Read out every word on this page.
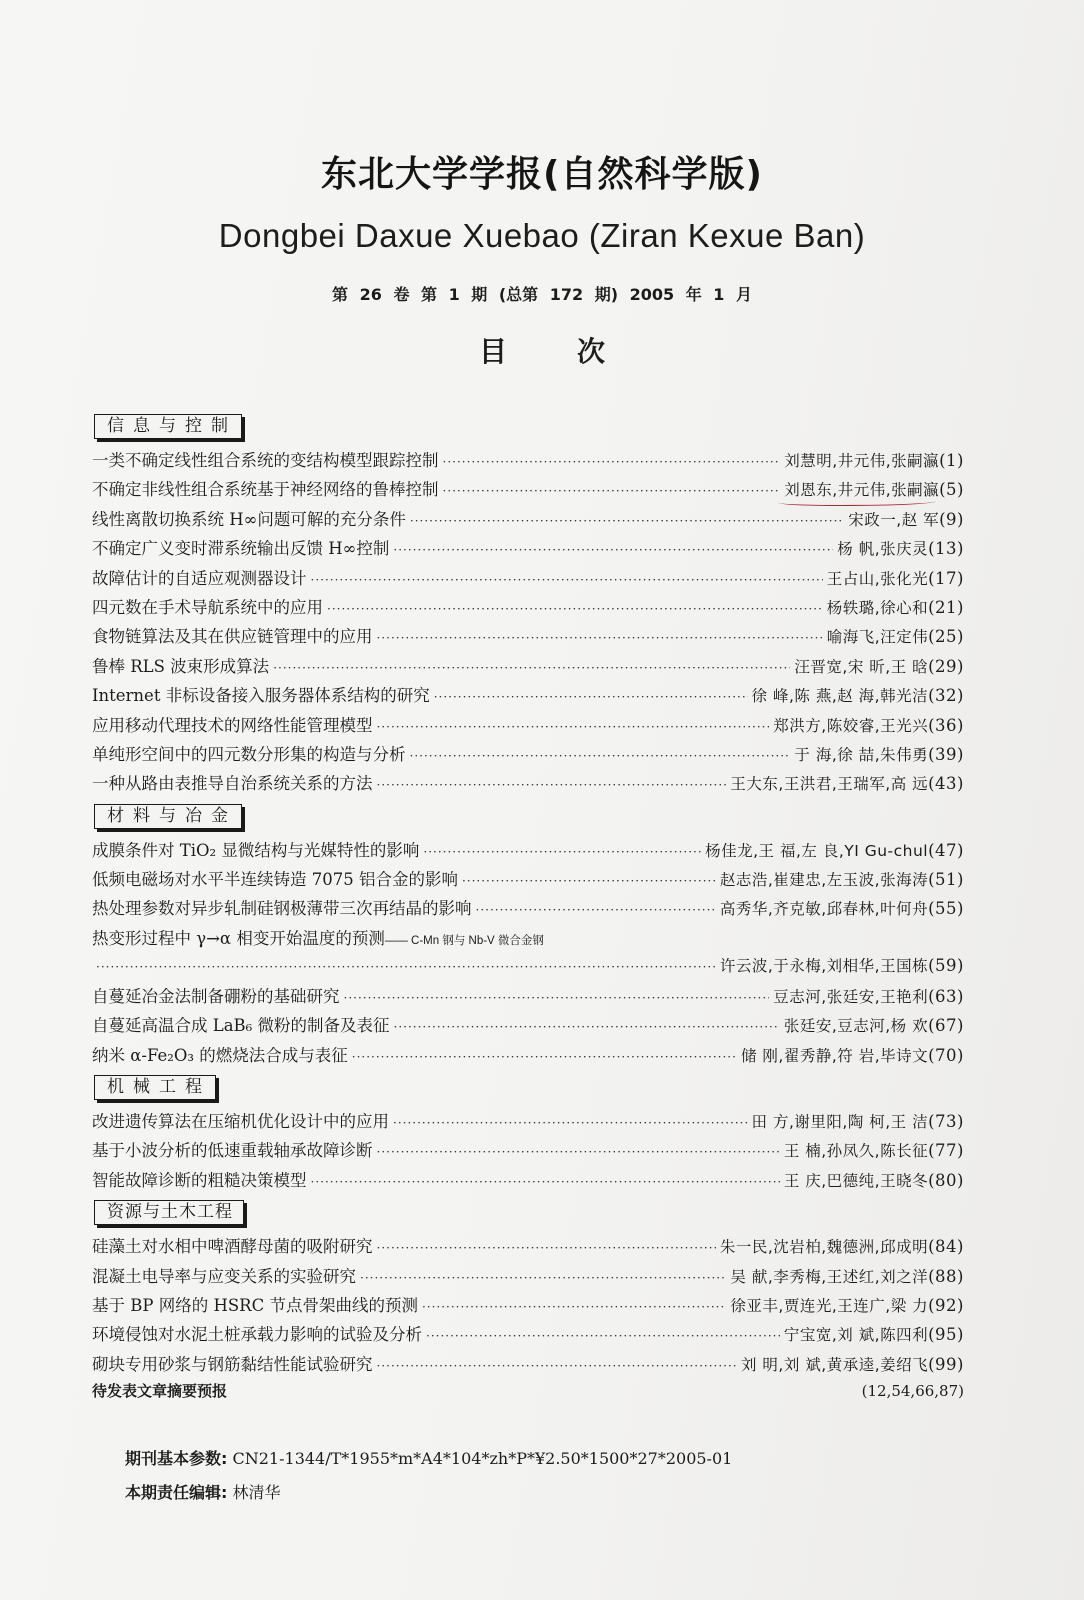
东北大学学报(自然科学版)
Dongbei Daxue Xuebao (Ziran Kexue Ban)
第 26 卷 第 1 期 (总第 172 期) 2005 年 1 月
目次
信息与控制
一类不确定线性组合系统的变结构模型跟踪控制 ·····	刘慧明,井元伟,张嗣瀛(1)
不确定非线性组合系统基于神经网络的鲁棒控制 ·····	刘恩东,井元伟,张嗣瀛(5)
线性离散切换系统 H∞问题可解的充分条件 ·····	宋政一,赵 军(9)
不确定广义变时滞系统输出反馈 H∞控制 ·····	杨 帆,张庆灵(13)
故障估计的自适应观测器设计 ·····	王占山,张化光(17)
四元数在手术导航系统中的应用 ·····	杨轶璐,徐心和(21)
食物链算法及其在供应链管理中的应用 ·····	喻海飞,汪定伟(25)
鲁棒 RLS 波束形成算法 ·····	汪晋宽,宋 昕,王 晗(29)
Internet 非标设备接入服务器体系结构的研究 ·····	徐 峰,陈 燕,赵 海,韩光洁(32)
应用移动代理技术的网络性能管理模型 ·····	郑洪方,陈姣睿,王光兴(36)
单纯形空间中的四元数分形集的构造与分析 ·····	于 海,徐 喆,朱伟勇(39)
一种从路由表推导自治系统关系的方法 ·····	王大东,王洪君,王瑞军,高 远(43)
材料与冶金
成膜条件对 TiO₂ 显微结构与光媒特性的影响 ·····	杨佳龙,王 福,左 良,YI Gu-chul(47)
低频电磁场对水平半连续铸造 7075 铝合金的影响 ·····	赵志浩,崔建忠,左玉波,张海涛(51)
热处理参数对异步轧制硅钢极薄带三次再结晶的影响 ·····	高秀华,齐克敏,邱春林,叶何舟(55)
热变形过程中 γ→α 相变开始温度的预测—— C-Mn 钢与 Nb-V 微合金钢
·····
许云波,于永梅,刘相华,王国栋(59)
自蔓延冶金法制备硼粉的基础研究 ·····	豆志河,张廷安,王艳利(63)
自蔓延高温合成 LaB₆ 微粉的制备及表征 ·····	张廷安,豆志河,杨 欢(67)
纳米 α-Fe₂O₃ 的燃烧法合成与表征 ·····	储 刚,翟秀静,符 岩,毕诗文(70)
机械工程
改进遗传算法在压缩机优化设计中的应用 ·····	田 方,谢里阳,陶 柯,王 洁(73)
基于小波分析的低速重载轴承故障诊断 ·····	王 楠,孙凤久,陈长征(77)
智能故障诊断的粗糙决策模型 ·····	王 庆,巴德纯,王晓冬(80)
资源与土木工程
硅藻土对水相中啤酒酵母菌的吸附研究 ·····	朱一民,沈岩柏,魏德洲,邱成明(84)
混凝土电导率与应变关系的实验研究 ·····	吴 献,李秀梅,王述红,刘之洋(88)
基于 BP 网络的 HSRC 节点骨架曲线的预测 ·····	徐亚丰,贾连光,王连广,梁 力(92)
环境侵蚀对水泥土桩承载力影响的试验及分析 ·····	宁宝宽,刘 斌,陈四利(95)
砌块专用砂浆与钢筋黏结性能试验研究 ·····	刘 明,刘 斌,黄承逵,姜绍飞(99)
待发表文章摘要预报	(12,54,66,87)
期刊基本参数: CN21-1344/T*1955*m*A4*104*zh*P*¥2.50*1500*27*2005-01
本期责任编辑: 林清华
